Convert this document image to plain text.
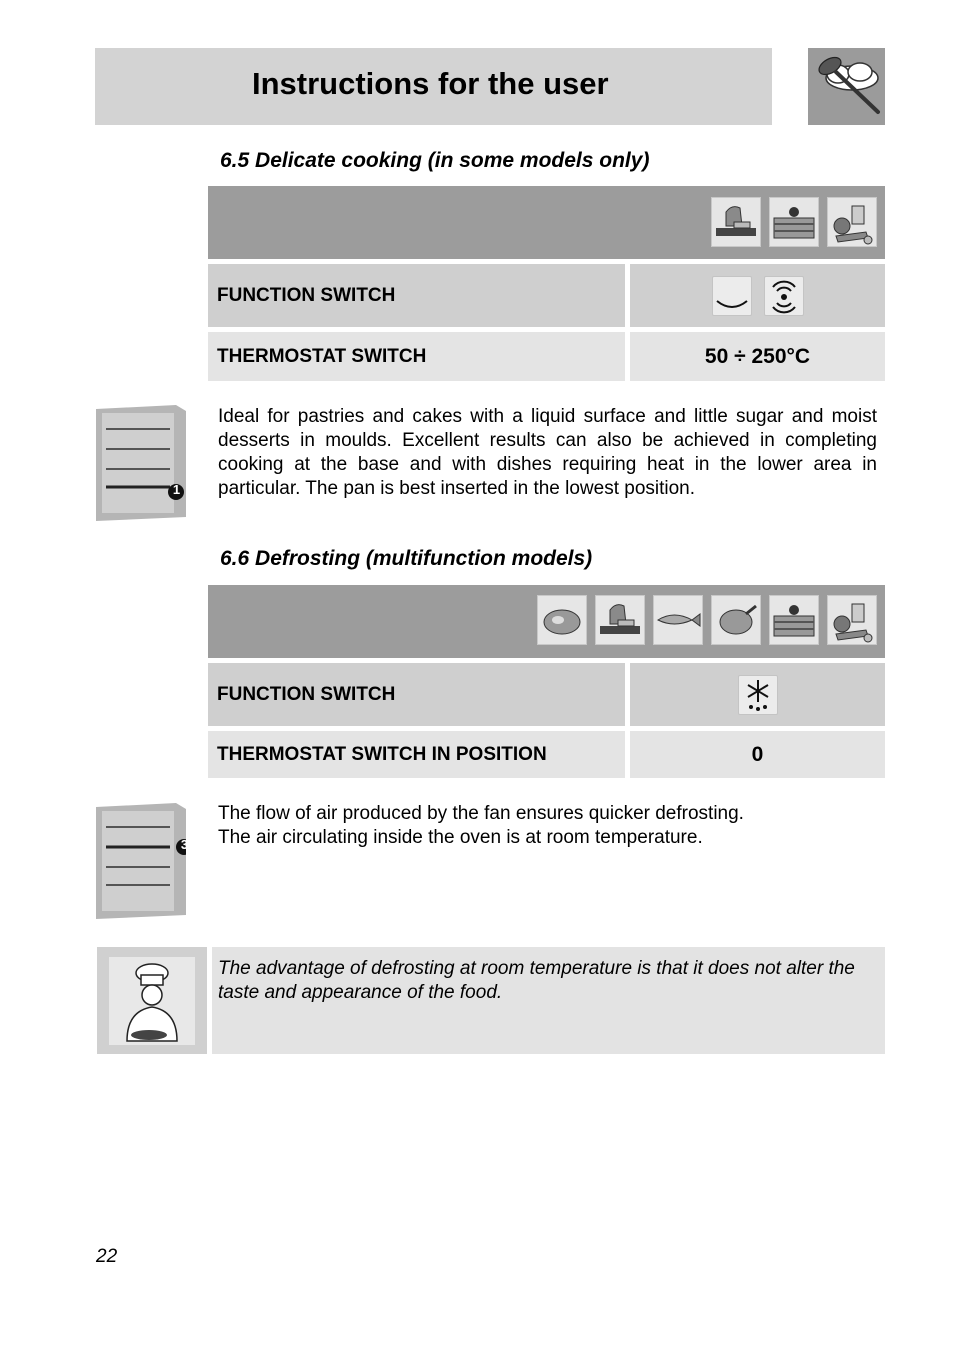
Instructions for the user
6.5 Delicate cooking (in some models only)
FUNCTION SWITCH
THERMOSTAT SWITCH	50 ÷ 250°C
1
Ideal for pastries and cakes with a liquid surface and little sugar and moist desserts in moulds. Excellent results can also be achieved in completing cooking at the base and with dishes requiring heat in the lower area in particular. The pan is best inserted in the lowest position.
6.6 Defrosting (multifunction models)
FUNCTION SWITCH
THERMOSTAT SWITCH IN POSITION	0
3
The flow of air produced by the fan ensures quicker defrosting.
The air circulating inside the oven is at room temperature.
The advantage of defrosting at room temperature is that it does not alter the taste and appearance of the food.
22
